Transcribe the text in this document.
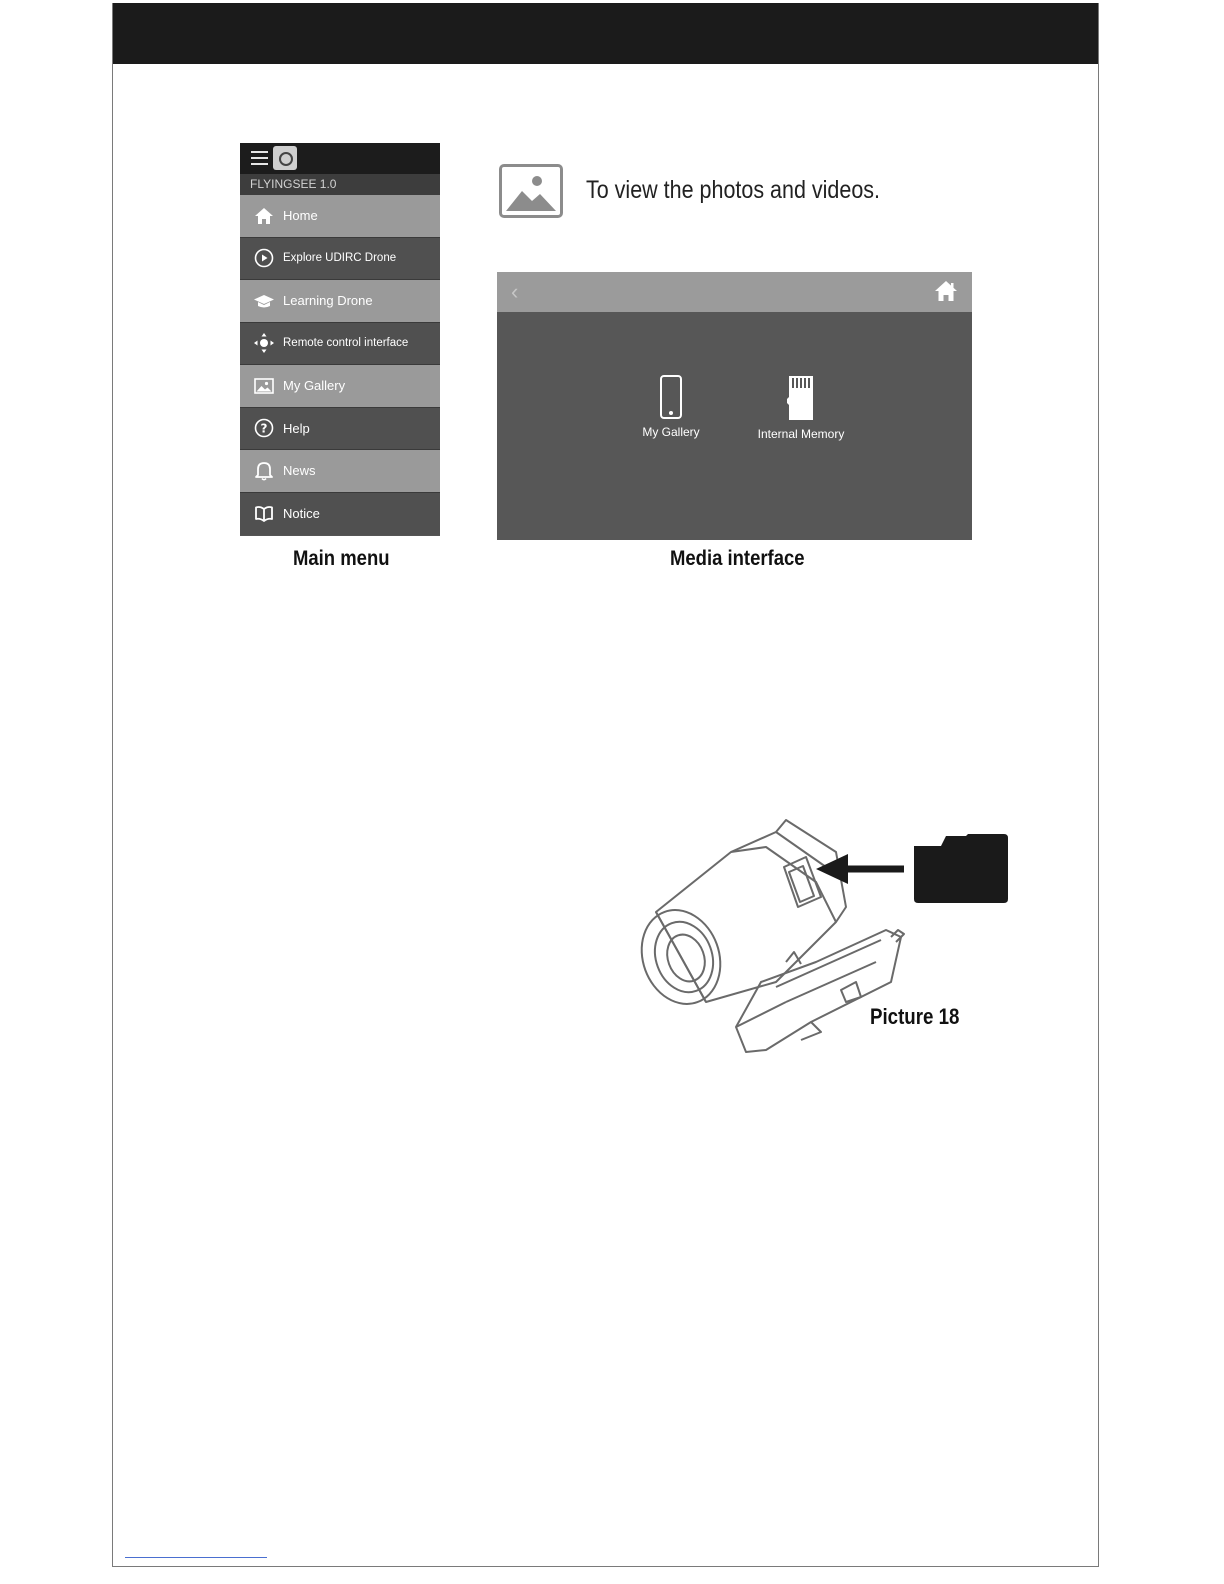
FLYINGSEE 1.0
Home
Explore UDIRC Drone
Learning Drone
Remote control interface
My Gallery
? Help
News
Notice
Main menu
To view the photos and videos.
‹
My Gallery	Internal Memory
Media interface
Picture 18
